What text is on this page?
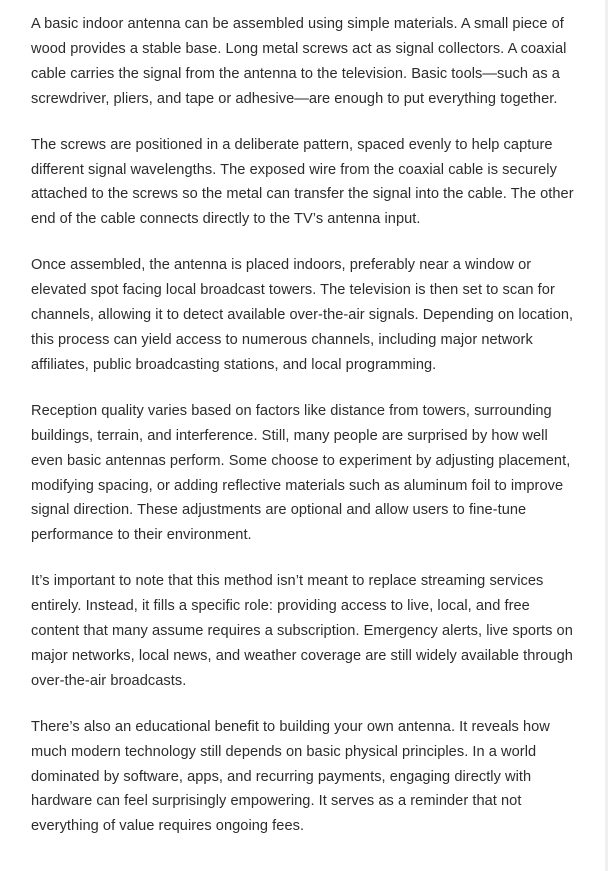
A basic indoor antenna can be assembled using simple materials. A small piece of wood provides a stable base. Long metal screws act as signal collectors. A coaxial cable carries the signal from the antenna to the television. Basic tools—such as a screwdriver, pliers, and tape or adhesive—are enough to put everything together.

The screws are positioned in a deliberate pattern, spaced evenly to help capture different signal wavelengths. The exposed wire from the coaxial cable is securely attached to the screws so the metal can transfer the signal into the cable. The other end of the cable connects directly to the TV’s antenna input.

Once assembled, the antenna is placed indoors, preferably near a window or elevated spot facing local broadcast towers. The television is then set to scan for channels, allowing it to detect available over-the-air signals. Depending on location, this process can yield access to numerous channels, including major network affiliates, public broadcasting stations, and local programming.

Reception quality varies based on factors like distance from towers, surrounding buildings, terrain, and interference. Still, many people are surprised by how well even basic antennas perform. Some choose to experiment by adjusting placement, modifying spacing, or adding reflective materials such as aluminum foil to improve signal direction. These adjustments are optional and allow users to fine-tune performance to their environment.

It’s important to note that this method isn’t meant to replace streaming services entirely. Instead, it fills a specific role: providing access to live, local, and free content that many assume requires a subscription. Emergency alerts, live sports on major networks, local news, and weather coverage are still widely available through over-the-air broadcasts.

There’s also an educational benefit to building your own antenna. It reveals how much modern technology still depends on basic physical principles. In a world dominated by software, apps, and recurring payments, engaging directly with hardware can feel surprisingly empowering. It serves as a reminder that not everything of value requires ongoing fees.
